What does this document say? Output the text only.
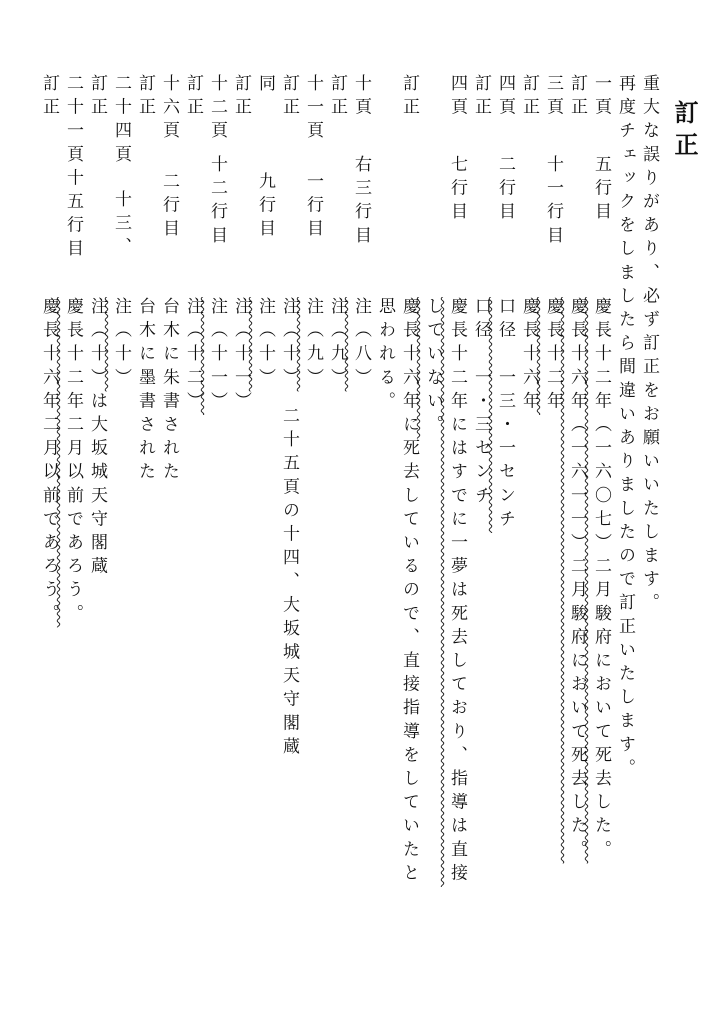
訂正
重大な誤りがあり、必ず訂正をお願いいたします。
再度チェックをしましたら間違いありましたので訂正いたします。
一頁
五行目
慶長十二年（一六〇七）二月駿府において死去した。
訂正
慶長十六年（一六一一）二月駿府において死去した。
三頁
十一行目
慶長十二年
訂正
慶長十六年
四頁
二行目
口径　一三・一センチ
訂正
口径　一・三センチ
四頁
七行目
慶長十二年にはすでに一夢は死去しており、指導は直接
していない。
訂正
慶長十六年に死去しているので、直接指導をしていたと
思われる。
十頁
右三行目
注（八）
訂正
注（九）
十一頁
一行目
注（九）
訂正
注（十）　二十五頁の十四、大坂城天守閣蔵
同
九行目
注（十）
訂正
注（十一）
十二頁
十二行目
注（十一）
訂正
注（十二）
十六頁
二行目
台木に朱書された
訂正
台木に墨書された
二十四頁
十三、
注（十）
訂正
注（十）は大坂城天守閣蔵
二十一頁十五行目
慶長十二年二月以前であろう。
訂正
慶長十六年二月以前であろう。
